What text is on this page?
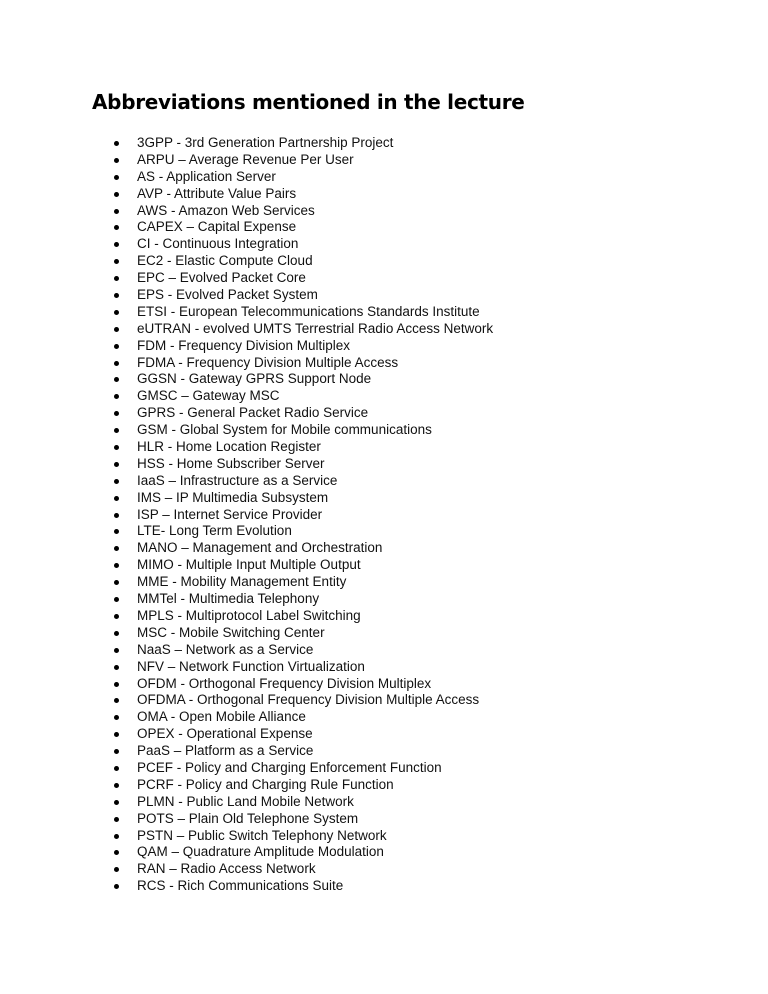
Abbreviations mentioned in the lecture
3GPP - 3rd Generation Partnership Project
ARPU – Average Revenue Per User
AS - Application Server
AVP - Attribute Value Pairs
AWS - Amazon Web Services
CAPEX – Capital Expense
CI - Continuous Integration
EC2 - Elastic Compute Cloud
EPC – Evolved Packet Core
EPS - Evolved Packet System
ETSI - European Telecommunications Standards Institute
eUTRAN - evolved UMTS Terrestrial Radio Access Network
FDM - Frequency Division Multiplex
FDMA - Frequency Division Multiple Access
GGSN - Gateway GPRS Support Node
GMSC – Gateway MSC
GPRS - General Packet Radio Service
GSM - Global System for Mobile communications
HLR - Home Location Register
HSS - Home Subscriber Server
IaaS – Infrastructure as a Service
IMS – IP Multimedia Subsystem
ISP – Internet Service Provider
LTE- Long Term Evolution
MANO – Management and Orchestration
MIMO - Multiple Input Multiple Output
MME - Mobility Management Entity
MMTel - Multimedia Telephony
MPLS - Multiprotocol Label Switching
MSC - Mobile Switching Center
NaaS – Network as a Service
NFV – Network Function Virtualization
OFDM - Orthogonal Frequency Division Multiplex
OFDMA - Orthogonal Frequency Division Multiple Access
OMA - Open Mobile Alliance
OPEX - Operational Expense
PaaS – Platform as a Service
PCEF - Policy and Charging Enforcement Function
PCRF - Policy and Charging Rule Function
PLMN - Public Land Mobile Network
POTS – Plain Old Telephone System
PSTN – Public Switch Telephony Network
QAM – Quadrature Amplitude Modulation
RAN – Radio Access Network
RCS - Rich Communications Suite
